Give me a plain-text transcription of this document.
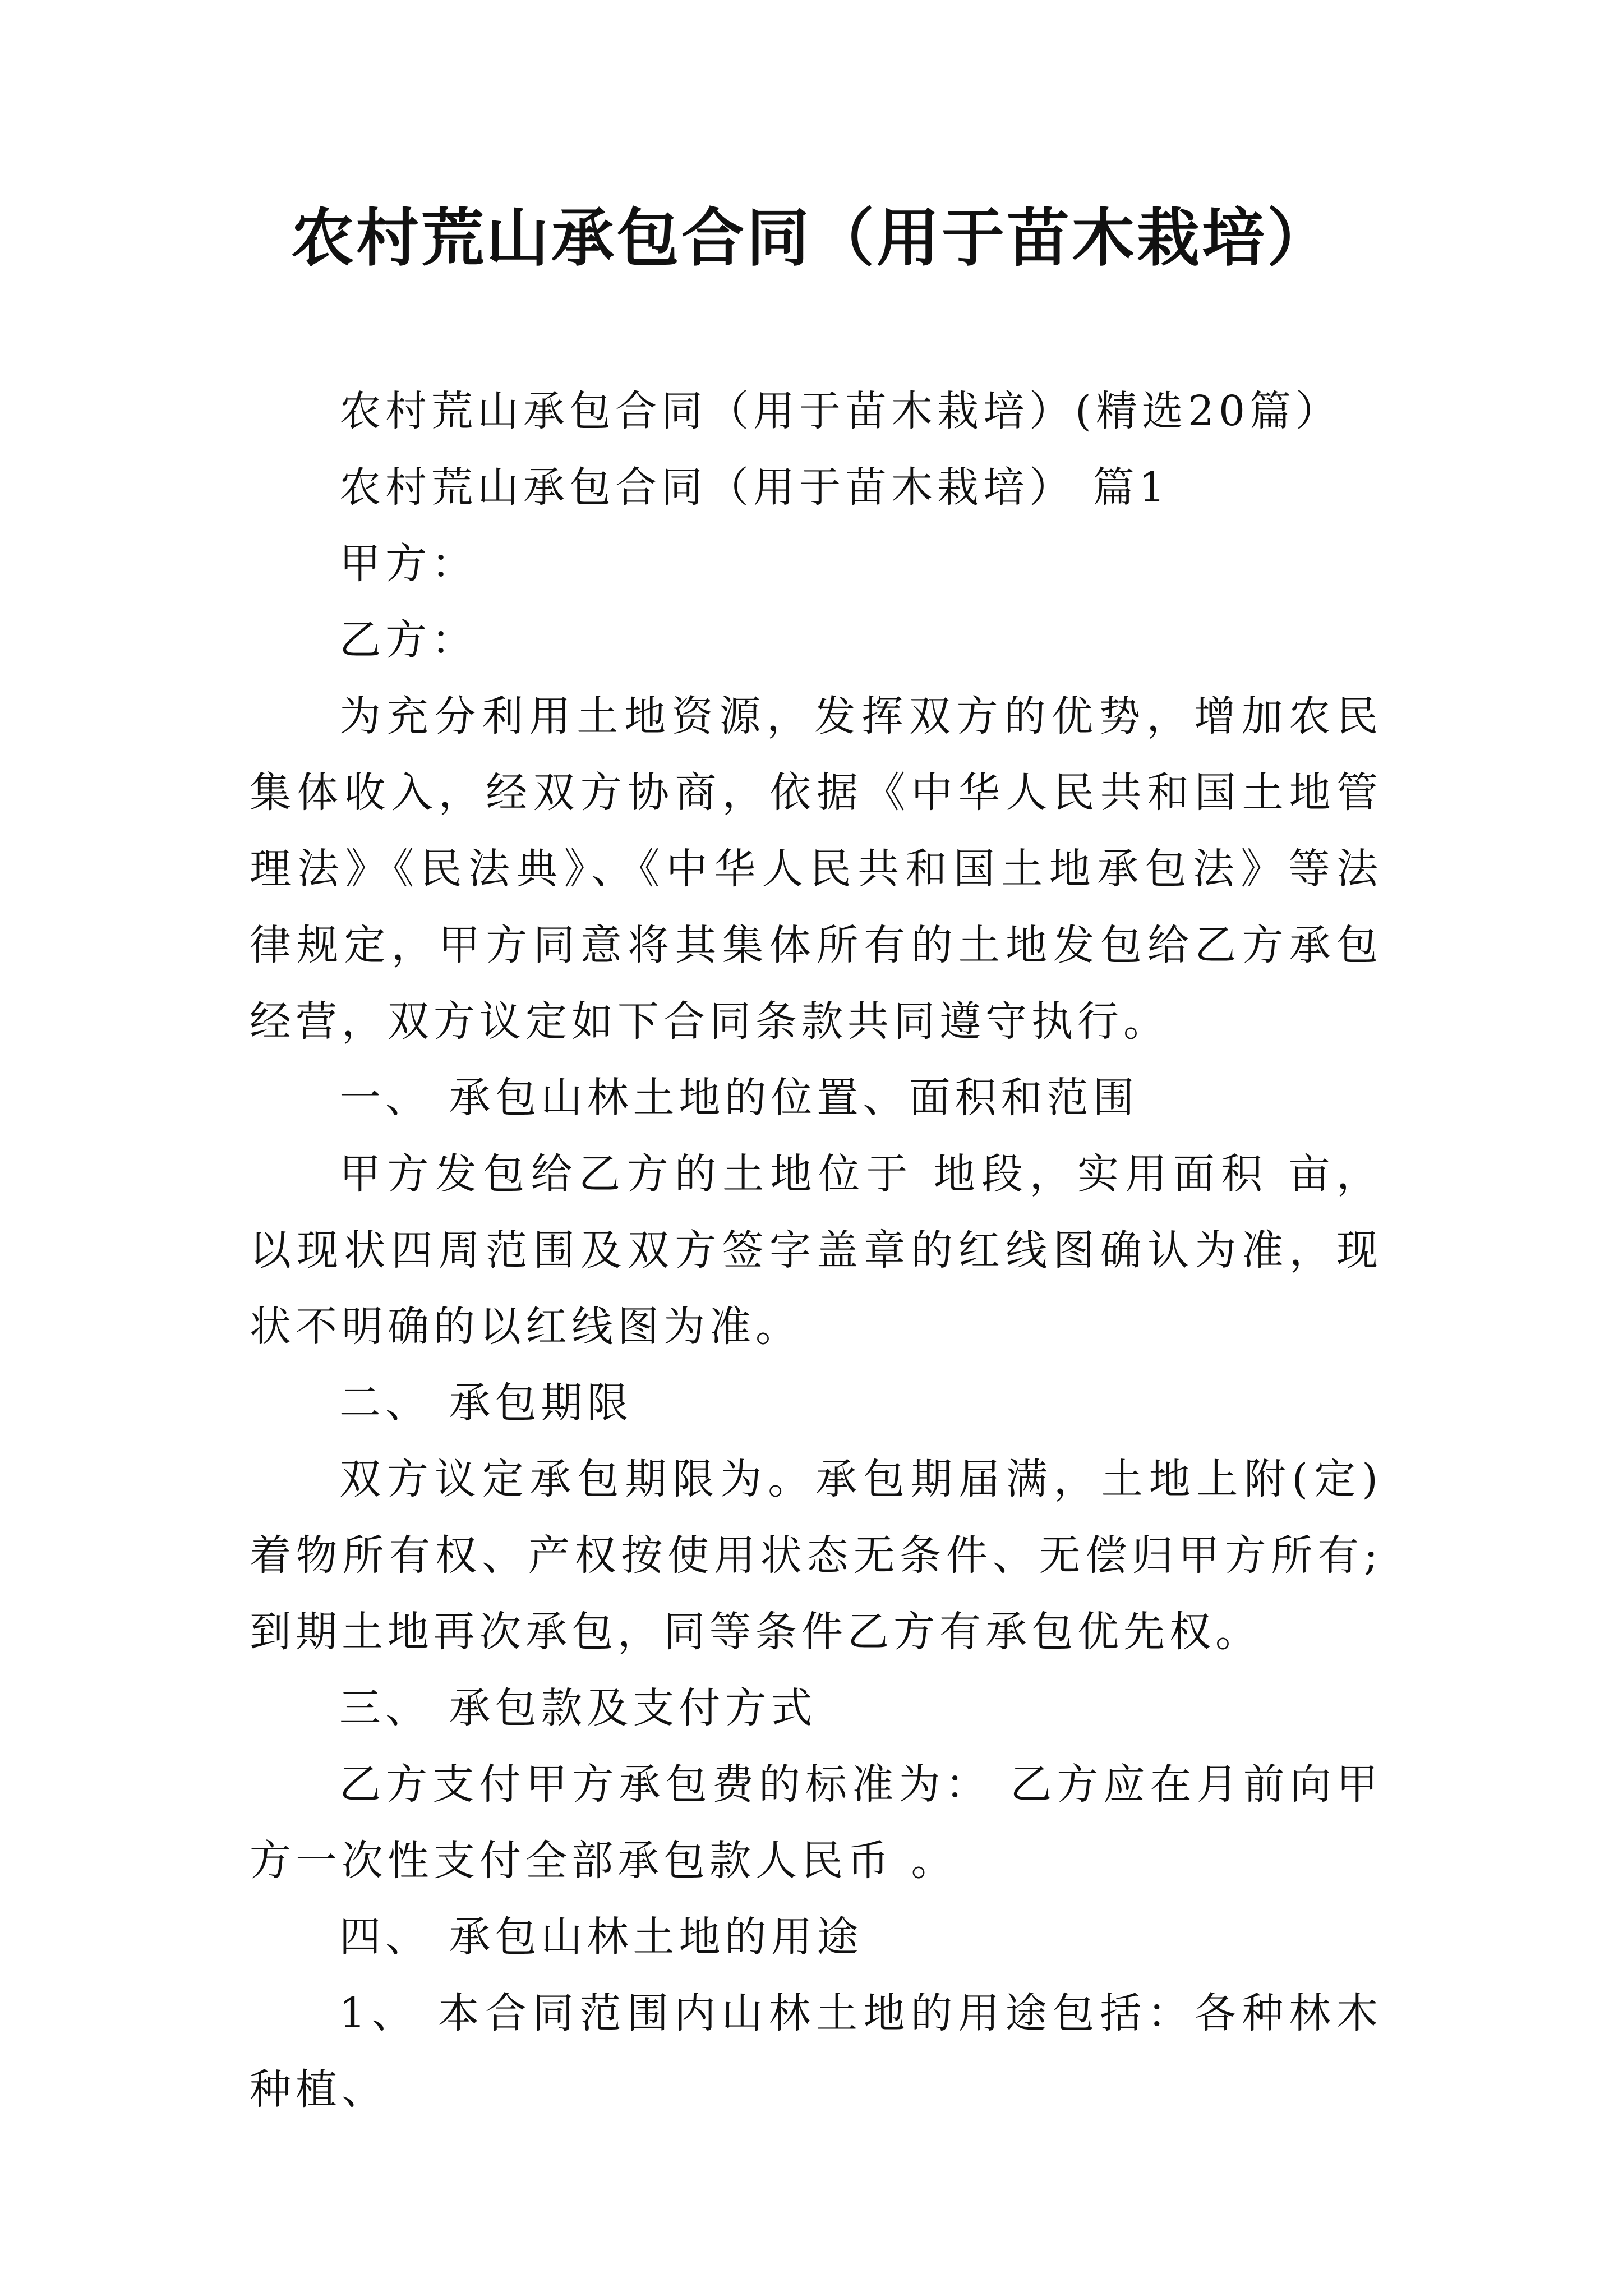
农村荒山承包合同（用于苗木栽培）

农村荒山承包合同（用于苗木栽培）(精选20篇）

农村荒山承包合同（用于苗木栽培） 篇1

甲方：

乙方：

为充分利用土地资源，发挥双方的优势，增加农民集体收入，经双方协商，依据《中华人民共和国土地管理法》《民法典》、《中华人民共和国土地承包法》等法律规定，甲方同意将其集体所有的土地发包给乙方承包经营，双方议定如下合同条款共同遵守执行。

一、 承包山林土地的位置、面积和范围

甲方发包给乙方的土地位于 地段，实用面积 亩，以现状四周范围及双方签字盖章的红线图确认为准，现状不明确的以红线图为准。

二、 承包期限

双方议定承包期限为。承包期届满，土地上附(定)着物所有权、产权按使用状态无条件、无偿归甲方所有;到期土地再次承包，同等条件乙方有承包优先权。

三、 承包款及支付方式

乙方支付甲方承包费的标准为： 乙方应在月前向甲方一次性支付全部承包款人民币 。

四、 承包山林土地的用途

1、 本合同范围内山林土地的用途包括：各种林木种植、
